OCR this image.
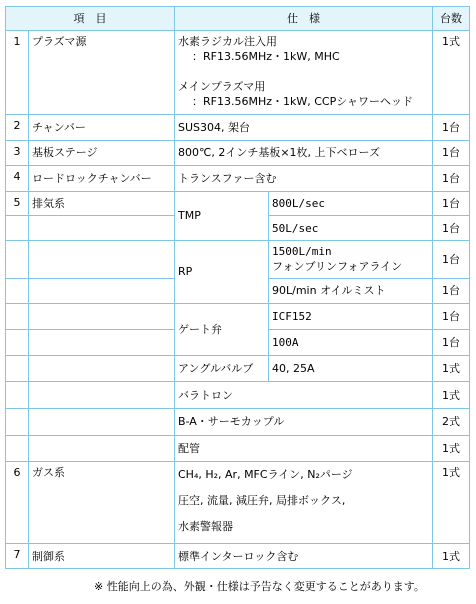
項　目		仕　様		台数
1	プラズマ源	水素ラジカル注入用
：RF13.56MHz・1kW, MHC
メインプラズマ用
：RF13.56MHz・1kW, CCPシャワーヘッド		1式
2	チャンバー	SUS304, 架台		1台
3	基板ステージ	800℃, 2インチ基板×1枚, 上下ベローズ		1台
4	ロードロックチャンバー	トランスファー含む		1台
5	排気系	TMP	800L/sec	1台
			50L/sec	1台
		RP	1500L/min
フォンブリンフォアライン	1台
			90L/min オイルミスト	1台
		ゲート弁	ICF152	1台
			100A	1台
		アングルバルブ	40, 25A	1式
		バラトロン		1式
		B-A・サーモカップル		2式
		配管		1式
6	ガス系	CH₄, H₂, Ar, MFCライン, N₂パージ
圧空, 流量, 減圧弁, 局排ボックス,
水素警報器		1式
7	制御系	標準インターロック含む		1式
※ 性能向上の為、外観・仕様は予告なく変更することがあります。
